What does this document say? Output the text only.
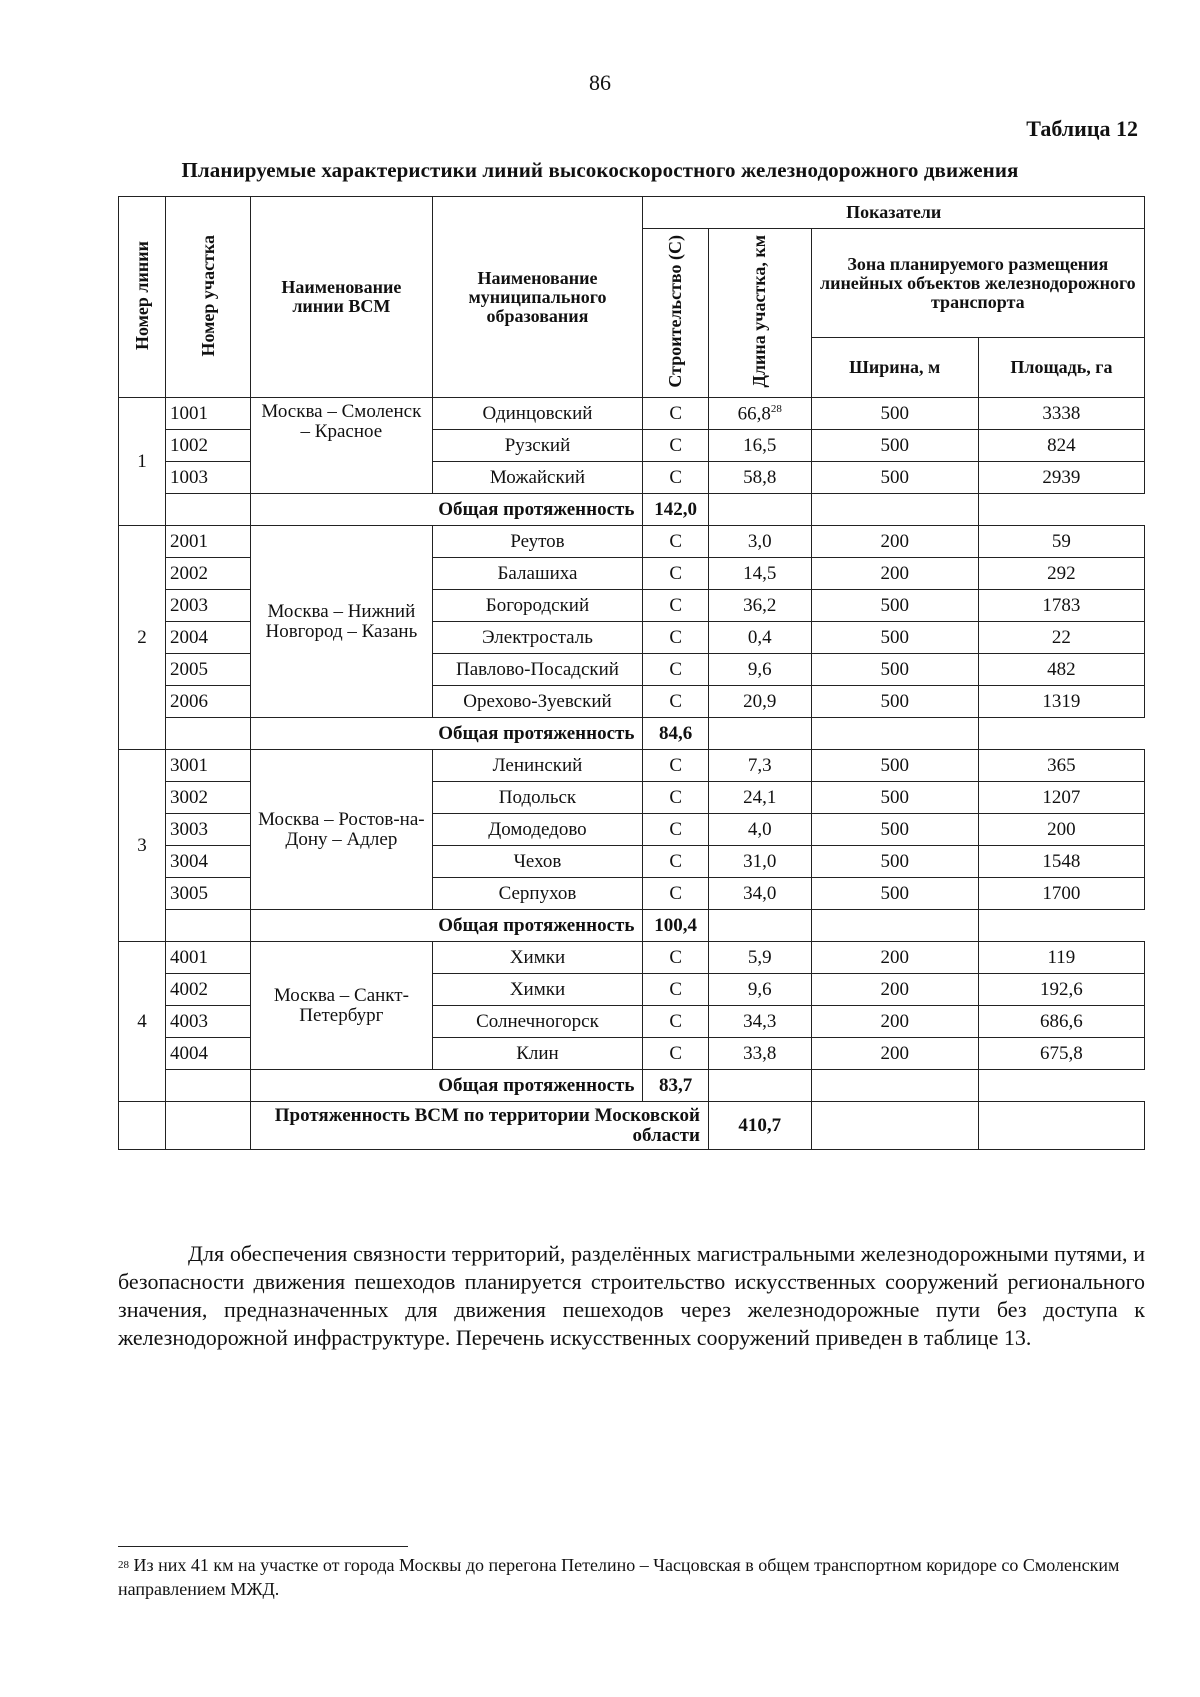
86
Таблица 12
Планируемые характеристики линий высокоскоростного железнодорожного движения
Номер линии	Номер участка	Наименование линии ВСМ	Наименование муниципального образования	Показатели			
				Строительство (С)	Длина участка, км	Зона планируемого размещения линейных объектов железнодорожного транспорта	
						Ширина, м	Площадь, га
1	1001	Москва – Смоленск – Красное	Одинцовский	С	66,8$^{28}$	500	3338
	1002		Рузский	С	16,5	500	824
	1003		Можайский	С	58,8	500	2939
		Общая протяженность		142,0			
2	2001	Москва – Нижний Новгород – Казань	Реутов	С	3,0	200	59
	2002		Балашиха	С	14,5	200	292
	2003		Богородский	С	36,2	500	1783
	2004		Электросталь	С	0,4	500	22
	2005		Павлово-Посадский	С	9,6	500	482
	2006		Орехово-Зуевский	С	20,9	500	1319
		Общая протяженность		84,6			
3	3001	Москва – Ростов-на-Дону – Адлер	Ленинский	С	7,3	500	365
	3002		Подольск	С	24,1	500	1207
	3003		Домодедово	С	4,0	500	200
	3004		Чехов	С	31,0	500	1548
	3005		Серпухов	С	34,0	500	1700
		Общая протяженность		100,4			
4	4001	Москва – Санкт-Петербург	Химки	С	5,9	200	119
	4002		Химки	С	9,6	200	192,6
	4003		Солнечногорск	С	34,3	200	686,6
	4004		Клин	С	33,8	200	675,8
		Общая протяженность		83,7			
		Протяженность ВСМ по территории Московской области			410,7		
Для обеспечения связности территорий, разделённых магистральными железнодорожными путями, и безопасности движения пешеходов планируется строительство искусственных сооружений регионального значения, предназначенных для движения пешеходов через железнодорожные пути без доступа к железнодорожной инфраструктуре. Перечень искусственных сооружений приведен в таблице 13.
$^{28}$ Из них 41 км на участке от города Москвы до перегона Петелино – Часцовская в общем транспортном коридоре со Смоленским направлением МЖД.
